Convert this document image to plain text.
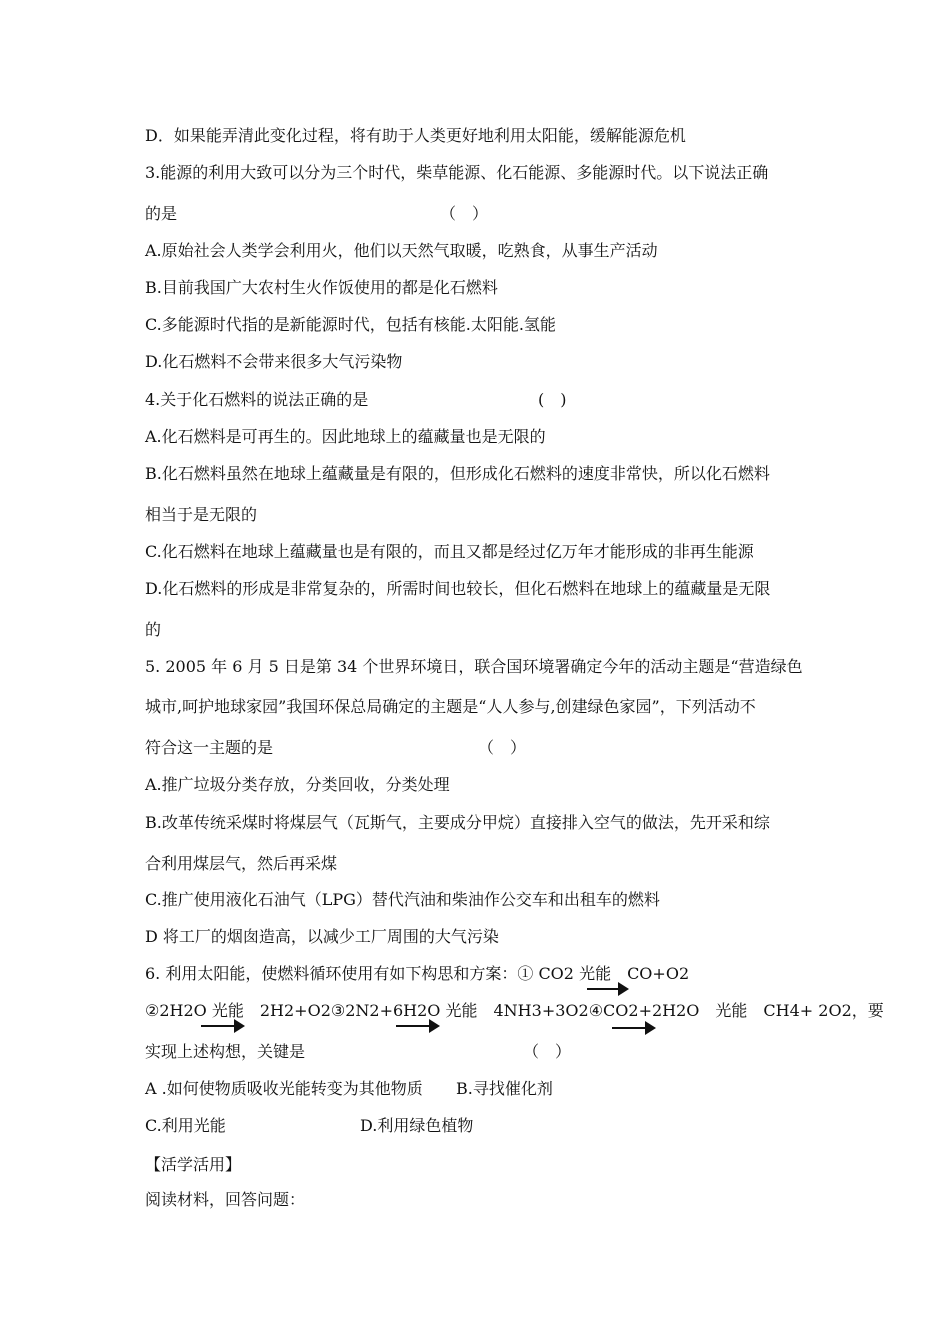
D．如果能弄清此变化过程，将有助于人类更好地利用太阳能，缓解能源危机
3.能源的利用大致可以分为三个时代，柴草能源、化石能源、多能源时代。以下说法正确
的是	（　）
A.原始社会人类学会利用火，他们以天然气取暖，吃熟食，从事生产活动
B.目前我国广大农村生火作饭使用的都是化石燃料
C.多能源时代指的是新能源时代，包括有核能.太阳能.氢能
D.化石燃料不会带来很多大气污染物
4.关于化石燃料的说法正确的是	(　)
A.化石燃料是可再生的。因此地球上的蕴藏量也是无限的
B.化石燃料虽然在地球上蕴藏量是有限的，但形成化石燃料的速度非常快，所以化石燃料
相当于是无限的
C.化石燃料在地球上蕴藏量也是有限的，而且又都是经过亿万年才能形成的非再生能源
D.化石燃料的形成是非常复杂的，所需时间也较长，但化石燃料在地球上的蕴藏量是无限
的
5. 2005 年 6 月 5 日是第 34 个世界环境日，联合国环境署确定今年的活动主题是“营造绿色
城市,呵护地球家园”我国环保总局确定的主题是“人人参与,创建绿色家园”，下列活动不
符合这一主题的是	（　）
A.推广垃圾分类存放，分类回收，分类处理
B.改革传统采煤时将煤层气（瓦斯气，主要成分甲烷）直接排入空气的做法，先开采和综
合利用煤层气，然后再采煤
C.推广使用液化石油气（LPG）替代汽油和柴油作公交车和出租车的燃料
D 将工厂的烟囱造高，以减少工厂周围的大气污染
6. 利用太阳能，使燃料循环使用有如下构思和方案：① CO2 光能　CO+O2
②2H2O 光能　2H2+O2③2N2+6H2O 光能　4NH3+3O2④CO2+2H2O　光能　CH4+ 2O2，要
实现上述构想，关键是	（　）
A .如何使物质吸收光能转变为其他物质 B.寻找催化剂
C.利用光能	D.利用绿色植物
【活学活用】
阅读材料，回答问题：
